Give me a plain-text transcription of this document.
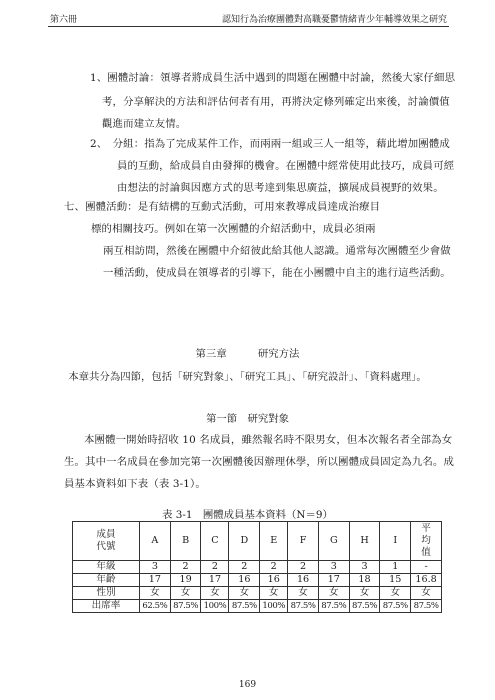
第六冊	認知行為治療團體對高職憂鬱情緒青少年輔導效果之研究
1、團體討論：領導者將成員生活中遇到的問題在團體中討論，然後大家仔細思
考，分享解決的方法和評估何者有用，再將決定條列確定出來後，討論價值
觀進而建立友情。
2、　分組：指為了完成某件工作，而兩兩一組或三人一組等，藉此增加團體成
員的互動，給成員自由發揮的機會。在團體中經常使用此技巧，成員可經
由想法的討論與因應方式的思考達到集思廣益，擴展成員視野的效果。
七、團體活動：是有結構的互動式活動，可用來教導成員達成治療目
標的相關技巧。例如在第一次團體的介紹活動中，成員必須兩
兩互相訪問，然後在團體中介紹彼此給其他人認識。通常每次團體至少會做
一種活動，使成員在領導者的引導下，能在小團體中自主的進行這些活動。
第三章　　　研究方法
本章共分為四節，包括「研究對象」、「研究工具」、「研究設計」、「資料處理」。
第一節　研究對象
本團體一開始時招收 10 名成員，雖然報名時不限男女，但本次報名者全部為女
生。其中一名成員在參加完第一次團體後因辦理休學，所以團體成員固定為九名。成
員基本資料如下表（表 3-1）。
表 3-1　團體成員基本資料（N＝9）
成員
代號	A	B	C	D	E	F	G	H	I	平
均
值
年級	3	2	2	2	2	2	3	3	1	-
年齡	17	19	17	16	16	16	17	18	15	16.8
性別	女	女	女	女	女	女	女	女	女	女
出席率	62.5%	87.5%	100%	87.5%	100%	87.5%	87.5%	87.5%	87.5%	87.5%
169
